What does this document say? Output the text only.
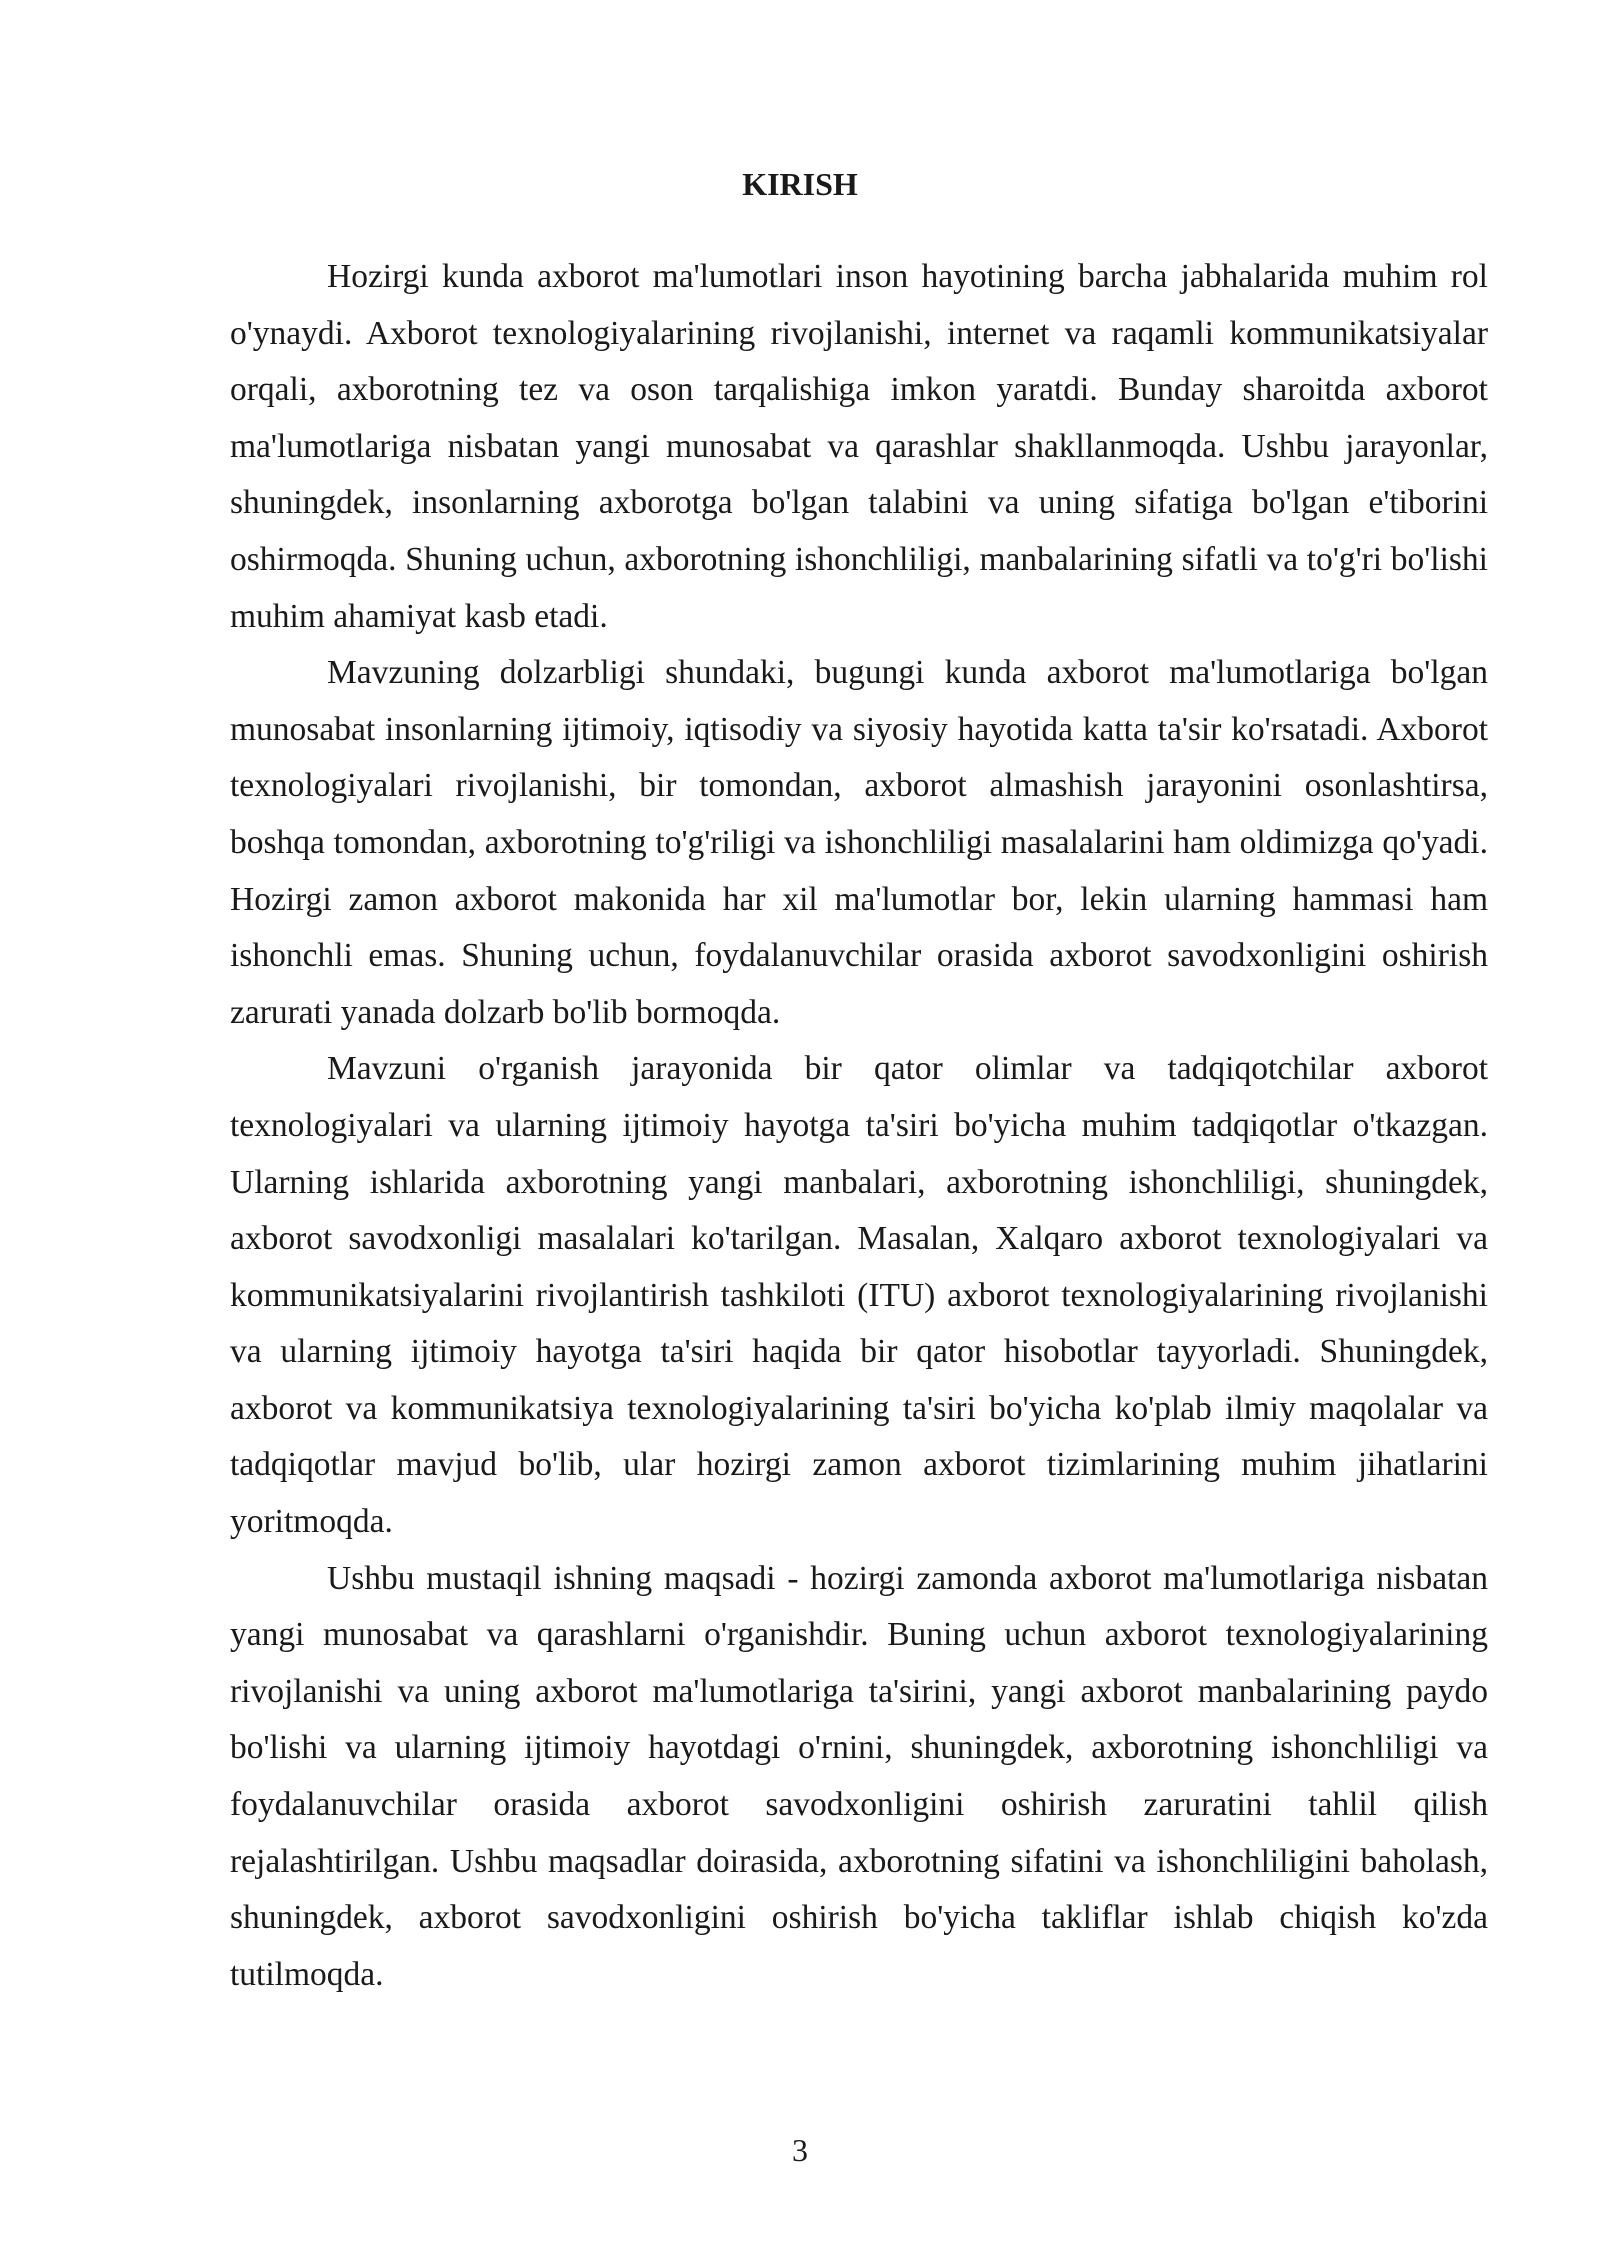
KIRISH

Hozirgi kunda axborot ma'lumotlari inson hayotining barcha jabhalarida muhim rol o'ynaydi. Axborot texnologiyalarining rivojlanishi, internet va raqamli kommunikatsiyalar orqali, axborotning tez va oson tarqalishiga imkon yaratdi. Bunday sharoitda axborot ma'lumotlariga nisbatan yangi munosabat va qarashlar shakllanmoqda. Ushbu jarayonlar, shuningdek, insonlarning axborotga bo'lgan talabini va uning sifatiga bo'lgan e'tiborini oshirmoqda. Shuning uchun, axborotning ishonchliligi, manbalarining sifatli va to'g'ri bo'lishi muhim ahamiyat kasb etadi.

Mavzuning dolzarbligi shundaki, bugungi kunda axborot ma'lumotlariga bo'lgan munosabat insonlarning ijtimoiy, iqtisodiy va siyosiy hayotida katta ta'sir ko'rsatadi. Axborot texnologiyalari rivojlanishi, bir tomondan, axborot almashish jarayonini osonlashtirsa, boshqa tomondan, axborotning to'g'riligi va ishonchliligi masalalarini ham oldimizga qo'yadi. Hozirgi zamon axborot makonida har xil ma'lumotlar bor, lekin ularning hammasi ham ishonchli emas. Shuning uchun, foydalanuvchilar orasida axborot savodxonligini oshirish zarurati yanada dolzarb bo'lib bormoqda.

Mavzuni o'rganish jarayonida bir qator olimlar va tadqiqotchilar axborot texnologiyalari va ularning ijtimoiy hayotga ta'siri bo'yicha muhim tadqiqotlar o'tkazgan. Ularning ishlarida axborotning yangi manbalari, axborotning ishonchliligi, shuningdek, axborot savodxonligi masalalari ko'tarilgan. Masalan, Xalqaro axborot texnologiyalari va kommunikatsiyalarini rivojlantirish tashkiloti (ITU) axborot texnologiyalarining rivojlanishi va ularning ijtimoiy hayotga ta'siri haqida bir qator hisobotlar tayyorladi. Shuningdek, axborot va kommunikatsiya texnologiyalarining ta'siri bo'yicha ko'plab ilmiy maqolalar va tadqiqotlar mavjud bo'lib, ular hozirgi zamon axborot tizimlarining muhim jihatlarini yoritmoqda.

Ushbu mustaqil ishning maqsadi - hozirgi zamonda axborot ma'lumotlariga nisbatan yangi munosabat va qarashlarni o'rganishdir. Buning uchun axborot texnologiyalarining rivojlanishi va uning axborot ma'lumotlariga ta'sirini, yangi axborot manbalarining paydo bo'lishi va ularning ijtimoiy hayotdagi o'rnini, shuningdek, axborotning ishonchliligi va foydalanuvchilar orasida axborot savodxonligini oshirish zaruratini tahlil qilish rejalashtirilgan. Ushbu maqsadlar doirasida, axborotning sifatini va ishonchliligini baholash, shuningdek, axborot savodxonligini oshirish bo'yicha takliflar ishlab chiqish ko'zda tutilmoqda.

3
